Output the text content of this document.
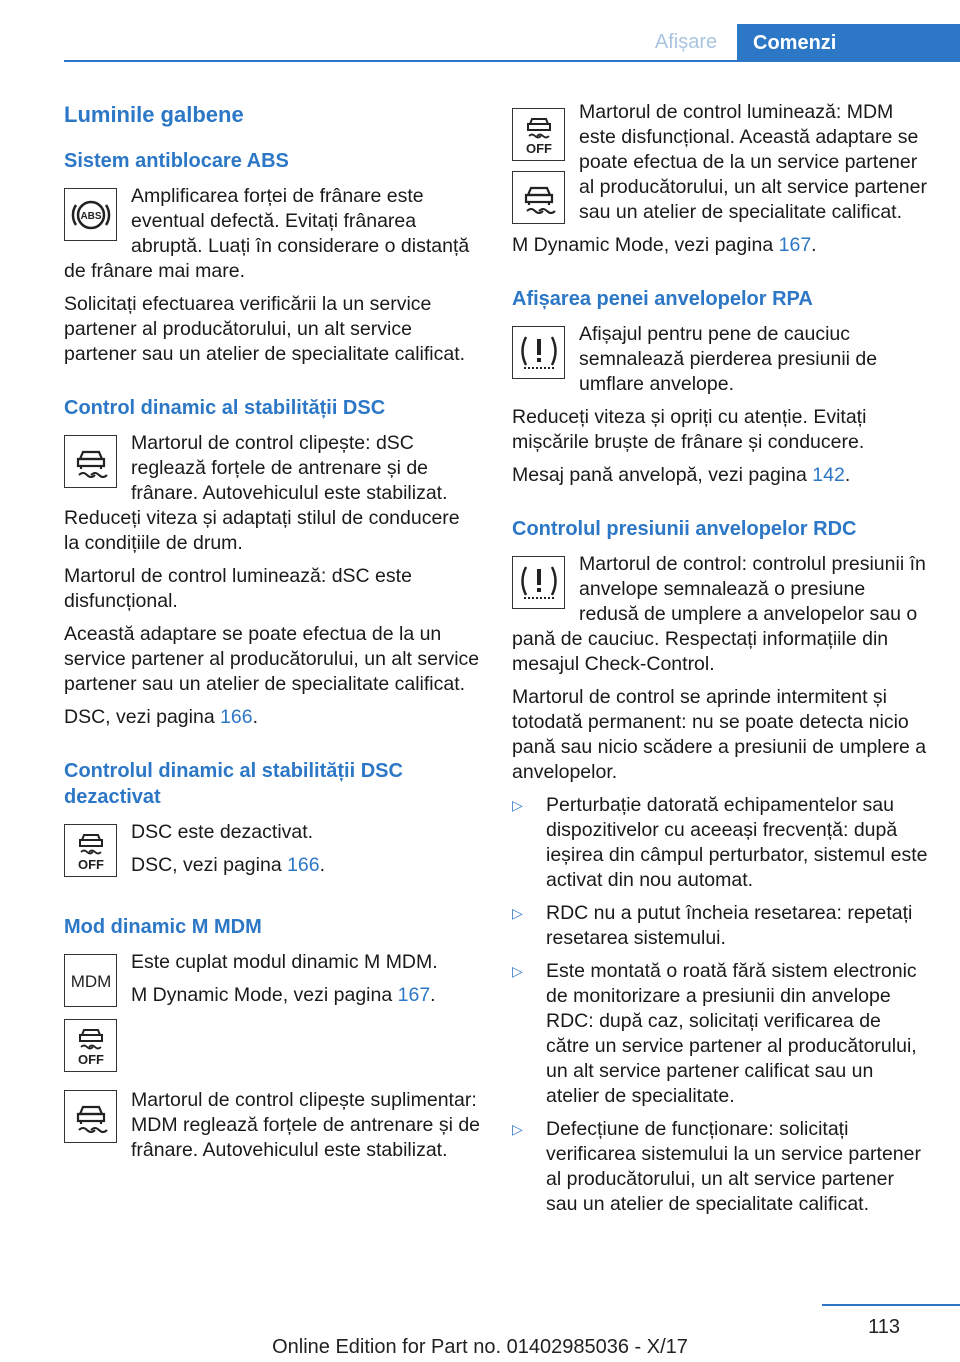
Afișare	Comenzi
Luminile galbene
Sistem antiblocare ABS
ABS

Amplificarea forței de frânare este eventual defectă. Evitați frânarea abruptă. Luați în considerare o distanță de frânare mai mare.

Solicitați efectuarea verificării la un service partener al producătorului, un alt service partener sau un atelier de specialitate calificat.

Control dinamic al stabilității DSC

Martorul de control clipește: dSC reglează forțele de antrenare și de frânare. Autovehiculul este stabilizat. Reduceți viteza și adaptați stilul de conducere la condițiile de drum.

Martorul de control luminează: dSC este disfuncțional.

Această adaptare se poate efectua de la un service partener al producătorului, un alt service partener sau un atelier de specialitate calificat.

DSC, vezi pagina 166.

Controlul dinamic al stabilității DSC dezactivat
OFF

DSC este dezactivat.

DSC, vezi pagina 166.

Mod dinamic M MDM
MDM
OFF

Este cuplat modul dinamic M MDM.

M Dynamic Mode, vezi pagina 167.

Martorul de control clipește suplimentar: MDM reglează forțele de antrenare și de frânare. Autovehiculul este stabilizat.

OFF

Martorul de control luminează: MDM este disfuncțional. Această adaptare se poate efectua de la un service partener al producătorului, un alt service partener sau un atelier de specialitate calificat.

M Dynamic Mode, vezi pagina 167.

Afișarea penei anvelopelor RPA

Afișajul pentru pene de cauciuc semnalează pierderea presiunii de umflare anvelope.

Reduceți viteza și opriți cu atenție. Evitați mișcările bruște de frânare și conducere.

Mesaj pană anvelopă, vezi pagina 142.

Controlul presiunii anvelopelor RDC

Martorul de control: controlul presiunii în anvelope semnalează o presiune redusă de umplere a anvelopelor sau o pană de cauciuc. Respectați informațiile din mesajul Check-Control.

Martorul de control se aprinde intermitent și totodată permanent: nu se poate detecta nicio pană sau nicio scădere a presiunii de umplere a anvelopelor.

▷ Perturbație datorată echipamentelor sau dispozitivelor cu aceeași frecvență: după ieșirea din câmpul perturbator, sistemul este activat din nou automat.
▷ RDC nu a putut încheia resetarea: repetați resetarea sistemului.
▷ Este montată o roată fără sistem electronic de monitorizare a presiunii din anvelope RDC: după caz, solicitați verificarea de către un service partener al producătorului, un alt service partener calificat sau un atelier de specialitate.
▷ Defecțiune de funcționare: solicitați verificarea sistemului la un service partener al producătorului, un alt service partener sau un atelier de specialitate calificat.
113
Online Edition for Part no. 01402985036 - X/17
